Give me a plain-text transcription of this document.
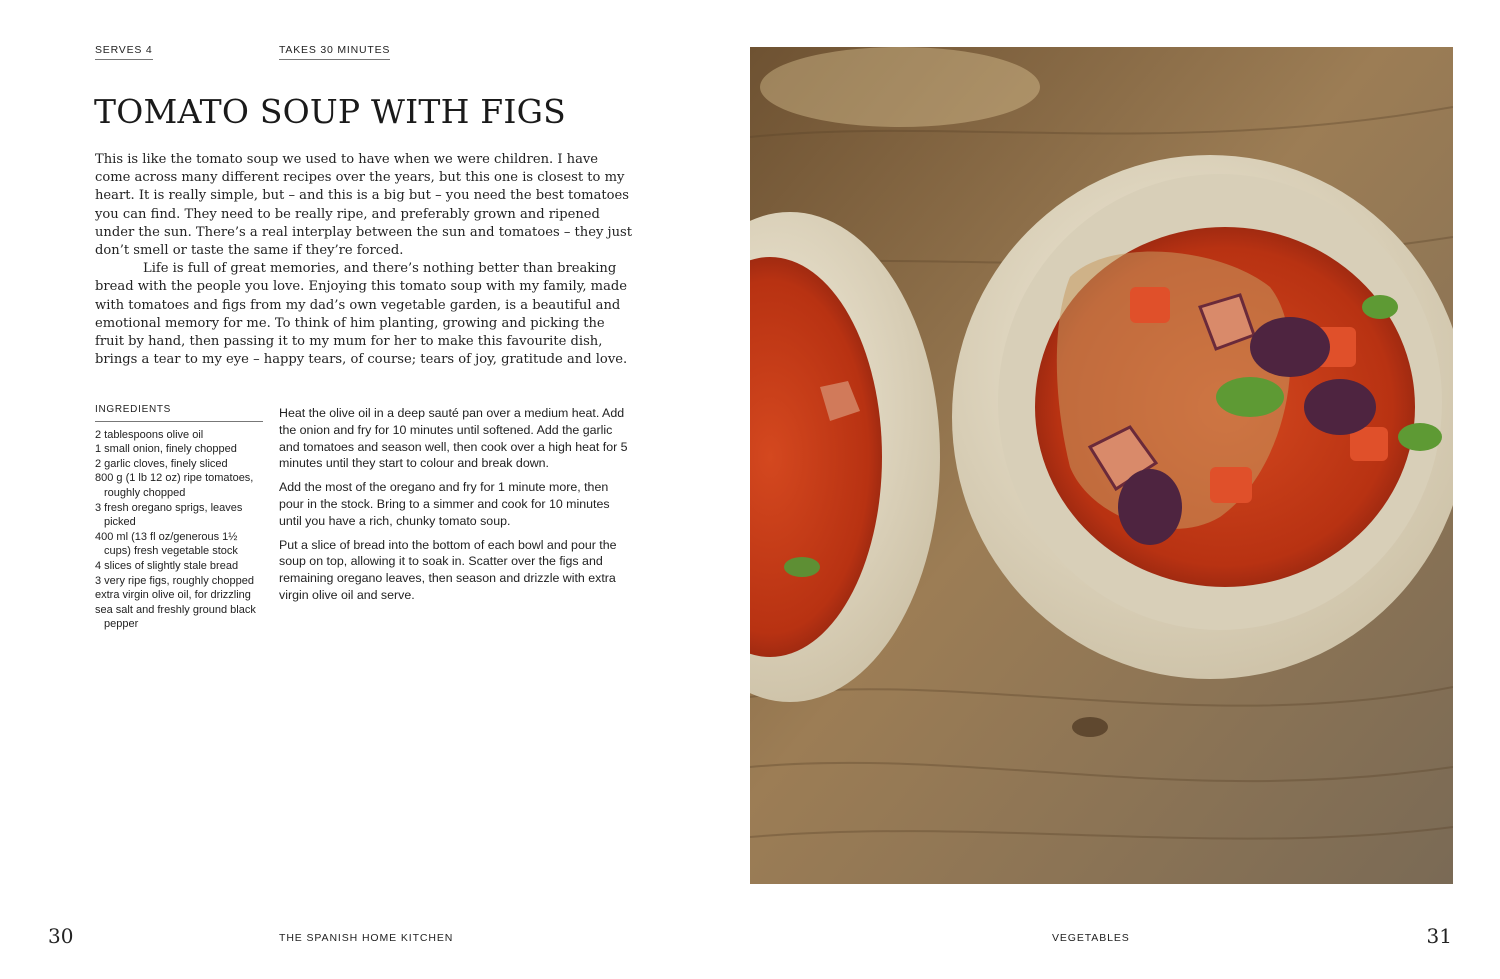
SERVES 4	TAKES 30 MINUTES
TOMATO SOUP WITH FIGS

This is like the tomato soup we used to have when we were children. I have come across many different recipes over the years, but this one is closest to my heart. It is really simple, but – and this is a big but – you need the best tomatoes you can find. They need to be really ripe, and preferably grown and ripened under the sun. There’s a real interplay between the sun and tomatoes – they just don’t smell or taste the same if they’re forced.

Life is full of great memories, and there’s nothing better than breaking bread with the people you love. Enjoying this tomato soup with my family, made with tomatoes and figs from my dad’s own vegetable garden, is a beautiful and emotional memory for me. To think of him planting, growing and picking the fruit by hand, then passing it to my mum for her to make this favourite dish, brings a tear to my eye – happy tears, of course; tears of joy, gratitude and love.

INGREDIENTS
2 tablespoons olive oil
1 small onion, finely chopped
2 garlic cloves, finely sliced
800 g (1 lb 12 oz) ripe tomatoes, roughly chopped
3 fresh oregano sprigs, leaves picked
400 ml (13 fl oz/generous 1½ cups) fresh vegetable stock
4 slices of slightly stale bread
3 very ripe figs, roughly chopped
extra virgin olive oil, for drizzling
sea salt and freshly ground black pepper

Heat the olive oil in a deep sauté pan over a medium heat. Add the onion and fry for 10 minutes until softened. Add the garlic and tomatoes and season well, then cook over a high heat for 5 minutes until they start to colour and break down.

Add the most of the oregano and fry for 1 minute more, then pour in the stock. Bring to a simmer and cook for 10 minutes until you have a rich, chunky tomato soup.

Put a slice of bread into the bottom of each bowl and pour the soup on top, allowing it to soak in. Scatter over the figs and remaining oregano leaves, then season and drizzle with extra virgin olive oil and serve.

30	THE SPANISH HOME KITCHEN	VEGETABLES	31
